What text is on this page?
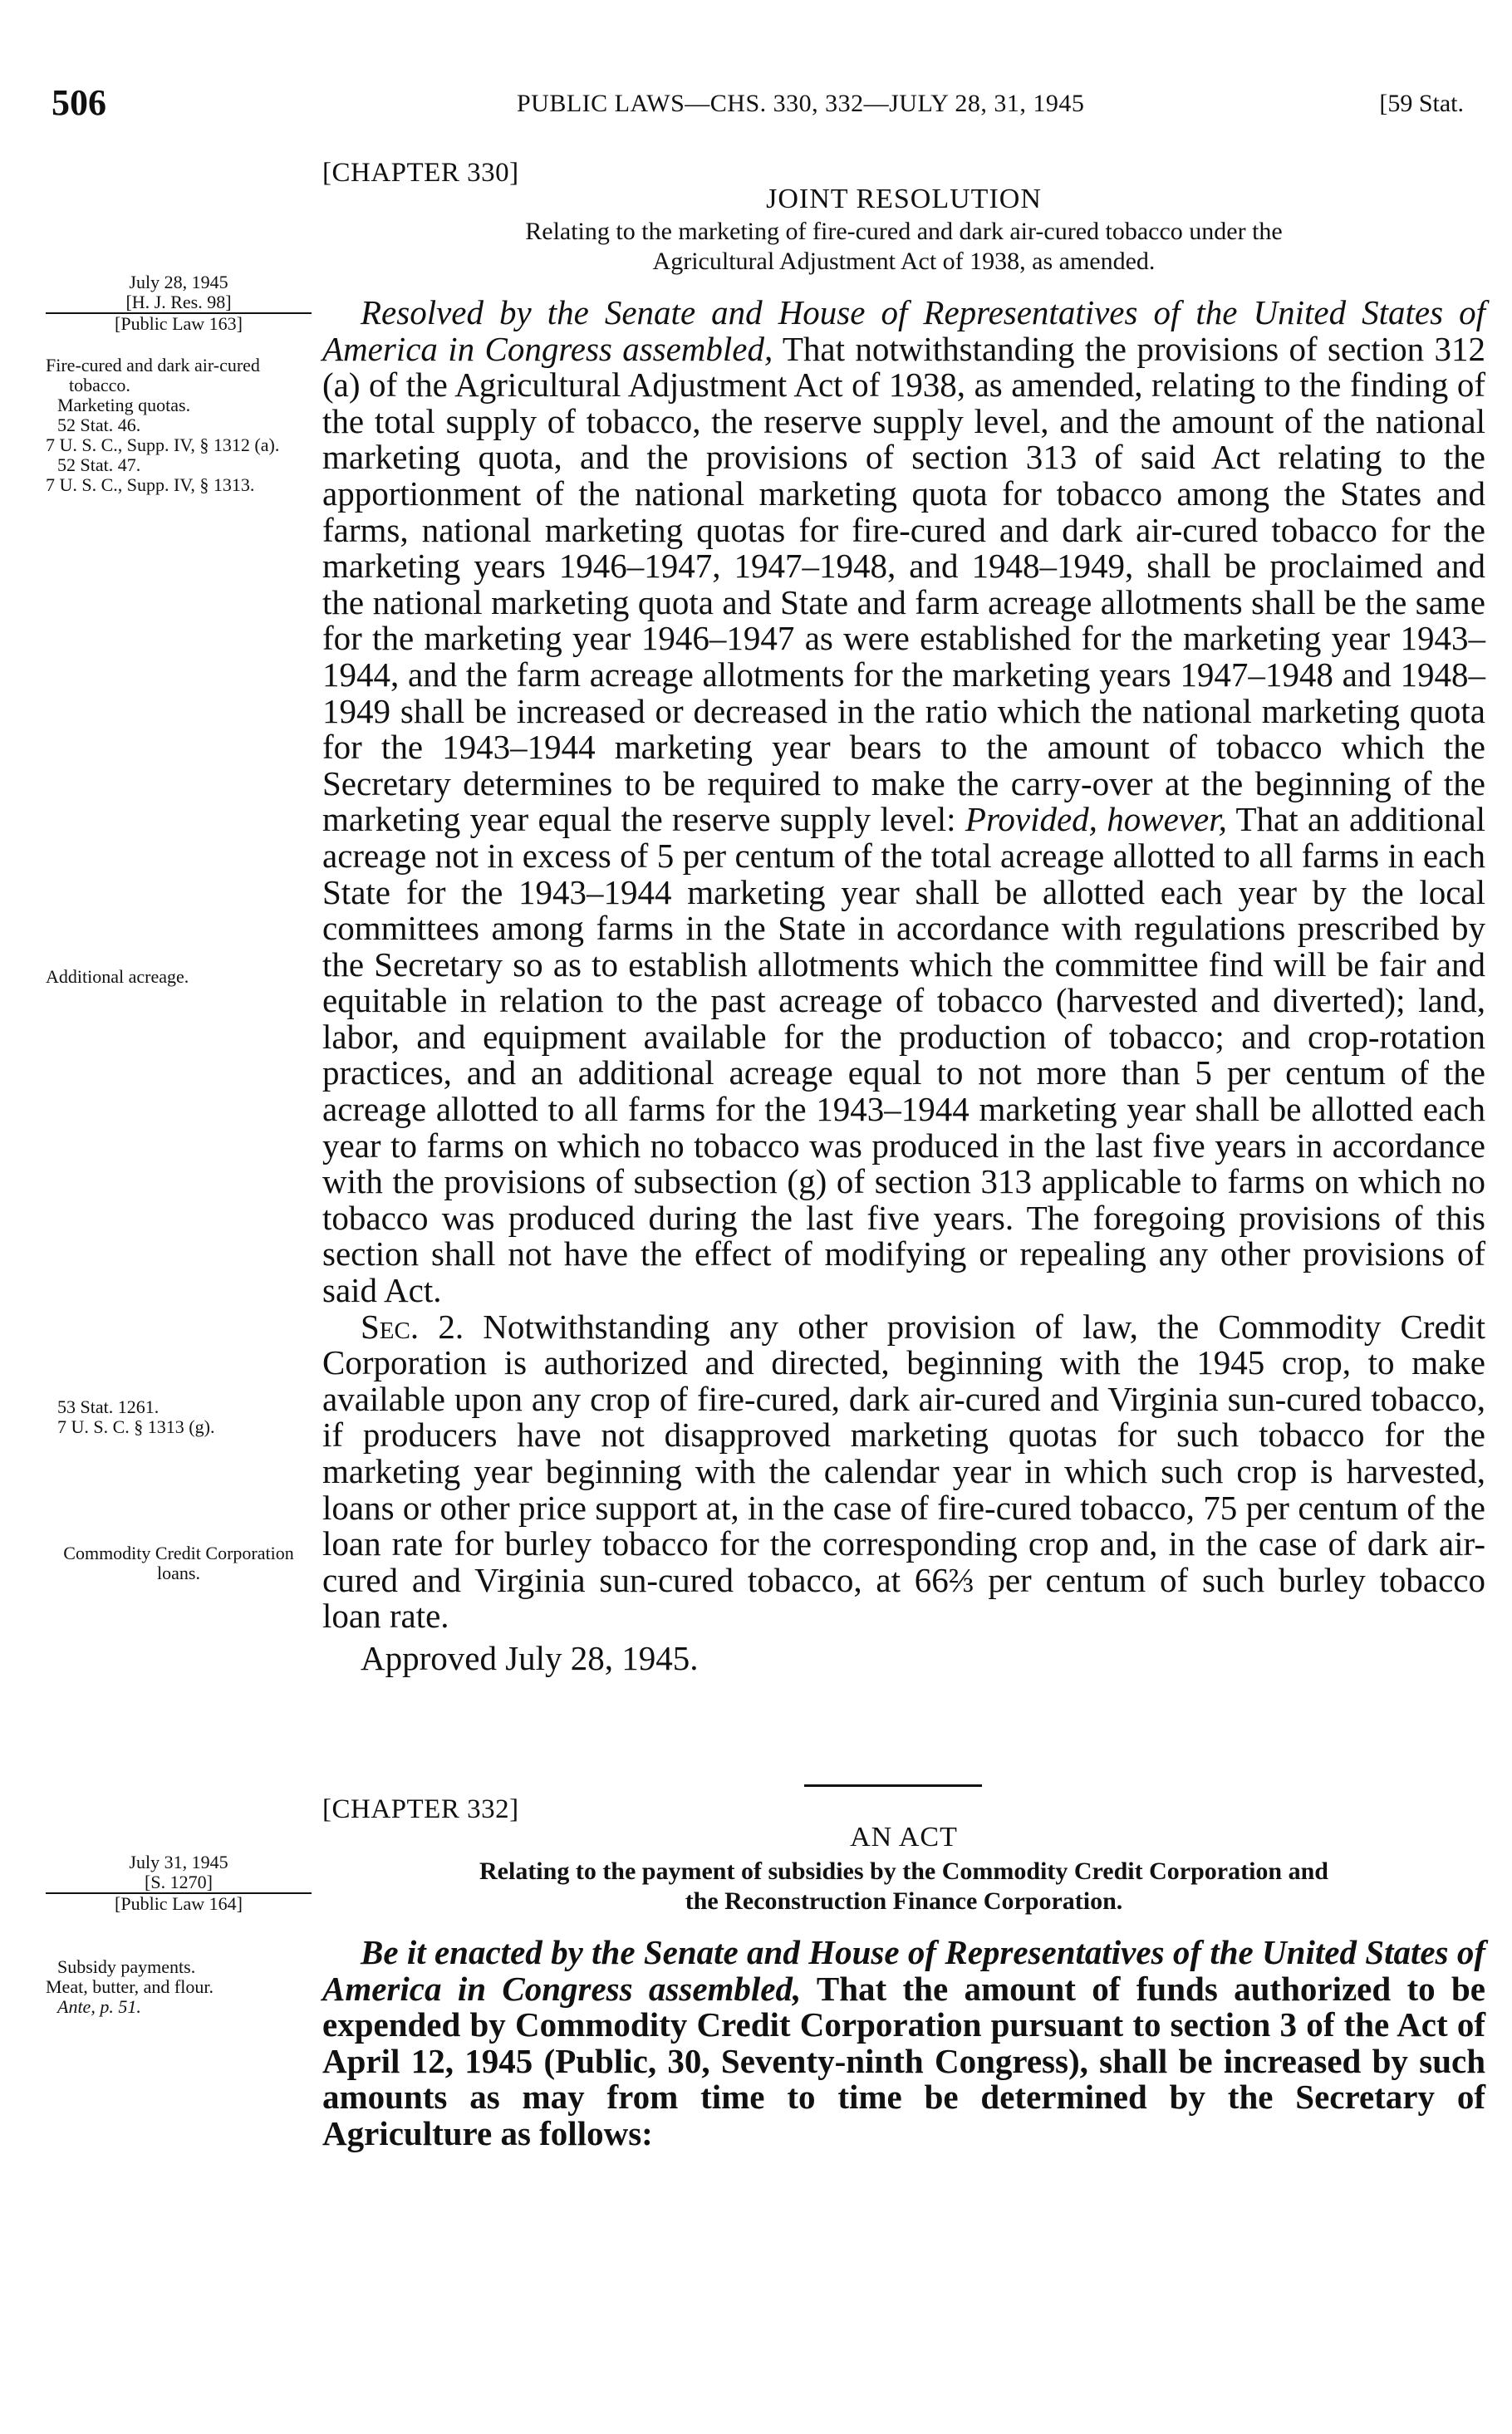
506	PUBLIC LAWS—CHS. 330, 332—JULY 28, 31, 1945	[59 Stat.
July 28, 1945
[H. J. Res. 98]
[Public Law 163]
Fire-cured and dark air-cured tobacco.
Marketing quotas.
52 Stat. 46.
7 U. S. C., Supp. IV, § 1312 (a).
52 Stat. 47.
7 U. S. C., Supp. IV, § 1313.
Additional acreage.
53 Stat. 1261.
7 U. S. C. § 1313 (g).
Commodity Credit Corporation loans.
July 31, 1945
[S. 1270]
[Public Law 164]
Subsidy payments.
Meat, butter, and flour.
Ante, p. 51.
[CHAPTER 330]
JOINT RESOLUTION
Relating to the marketing of fire-cured and dark air-cured tobacco under the
Agricultural Adjustment Act of 1938, as amended.

Resolved by the Senate and House of Representatives of the United States of America in Congress assembled, That notwithstanding the provisions of section 312 (a) of the Agricultural Adjustment Act of 1938, as amended, relating to the finding of the total supply of tobacco, the reserve supply level, and the amount of the national marketing quota, and the provisions of section 313 of said Act relating to the apportionment of the national marketing quota for tobacco among the States and farms, national marketing quotas for fire-cured and dark air-cured tobacco for the marketing years 1946–1947, 1947–1948, and 1948–1949, shall be proclaimed and the national marketing quota and State and farm acreage allotments shall be the same for the marketing year 1946–1947 as were established for the marketing year 1943–1944, and the farm acreage allotments for the marketing years 1947–1948 and 1948–1949 shall be increased or decreased in the ratio which the national marketing quota for the 1943–1944 marketing year bears to the amount of tobacco which the Secretary determines to be required to make the carry-over at the beginning of the marketing year equal the reserve supply level: Provided, however, That an additional acreage not in excess of 5 per centum of the total acreage allotted to all farms in each State for the 1943–1944 marketing year shall be allotted each year by the local committees among farms in the State in accordance with regulations prescribed by the Secretary so as to establish allotments which the committee find will be fair and equitable in relation to the past acreage of tobacco (harvested and diverted); land, labor, and equipment available for the production of tobacco; and crop-rotation practices, and an additional acreage equal to not more than 5 per centum of the acreage allotted to all farms for the 1943–1944 marketing year shall be allotted each year to farms on which no tobacco was produced in the last five years in accordance with the provisions of subsection (g) of section 313 applicable to farms on which no tobacco was produced during the last five years. The foregoing provisions of this section shall not have the effect of modifying or repealing any other provisions of said Act.

Sec. 2. Notwithstanding any other provision of law, the Commodity Credit Corporation is authorized and directed, beginning with the 1945 crop, to make available upon any crop of fire-cured, dark air-cured and Virginia sun-cured tobacco, if producers have not disapproved marketing quotas for such tobacco for the marketing year beginning with the calendar year in which such crop is harvested, loans or other price support at, in the case of fire-cured tobacco, 75 per centum of the loan rate for burley tobacco for the corresponding crop and, in the case of dark air-cured and Virginia sun-cured tobacco, at 66⅔ per centum of such burley tobacco loan rate.

Approved July 28, 1945.
[CHAPTER 332]
AN ACT
Relating to the payment of subsidies by the Commodity Credit Corporation and
the Reconstruction Finance Corporation.

Be it enacted by the Senate and House of Representatives of the United States of America in Congress assembled, That the amount of funds authorized to be expended by Commodity Credit Corporation pursuant to section 3 of the Act of April 12, 1945 (Public, 30, Seventy-ninth Congress), shall be increased by such amounts as may from time to time be determined by the Secretary of Agriculture as follows:
